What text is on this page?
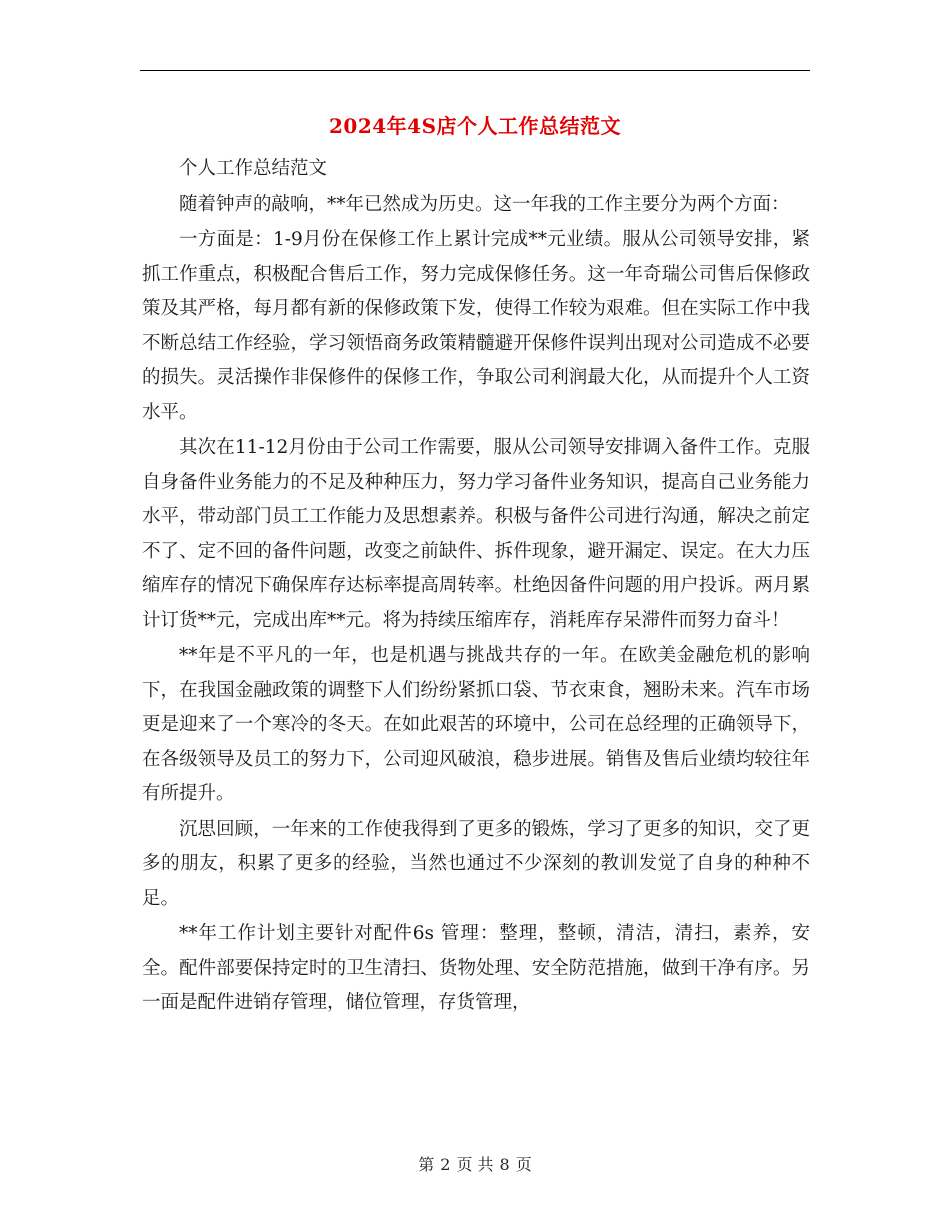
2024年4S店个人工作总结范文

个人工作总结范文

随着钟声的敲响，**年已然成为历史。这一年我的工作主要分为两个方面：

一方面是：1-9月份在保修工作上累计完成**元业绩。服从公司领导安排，紧抓工作重点，积极配合售后工作，努力完成保修任务。这一年奇瑞公司售后保修政策及其严格，每月都有新的保修政策下发，使得工作较为艰难。但在实际工作中我不断总结工作经验，学习领悟商务政策精髓避开保修件误判出现对公司造成不必要的损失。灵活操作非保修件的保修工作，争取公司利润最大化，从而提升个人工资水平。

其次在11-12月份由于公司工作需要，服从公司领导安排调入备件工作。克服自身备件业务能力的不足及种种压力，努力学习备件业务知识，提高自己业务能力水平，带动部门员工工作能力及思想素养。积极与备件公司进行沟通，解决之前定不了、定不回的备件问题，改变之前缺件、拆件现象，避开漏定、误定。在大力压缩库存的情况下确保库存达标率提高周转率。杜绝因备件问题的用户投诉。两月累计订货**元，完成出库**元。将为持续压缩库存，消耗库存呆滞件而努力奋斗！

**年是不平凡的一年，也是机遇与挑战共存的一年。在欧美金融危机的影响下，在我国金融政策的调整下人们纷纷紧抓口袋、节衣束食，翘盼未来。汽车市场更是迎来了一个寒冷的冬天。在如此艰苦的环境中，公司在总经理的正确领导下，在各级领导及员工的努力下，公司迎风破浪，稳步进展。销售及售后业绩均较往年有所提升。

沉思回顾，一年来的工作使我得到了更多的锻炼，学习了更多的知识，交了更多的朋友，积累了更多的经验，当然也通过不少深刻的教训发觉了自身的种种不足。

**年工作计划主要针对配件6s 管理：整理，整顿，清洁，清扫，素养，安全。配件部要保持定时的卫生清扫、货物处理、安全防范措施，做到干净有序。另一面是配件进销存管理，储位管理，存货管理，

第 2 页 共 8 页
